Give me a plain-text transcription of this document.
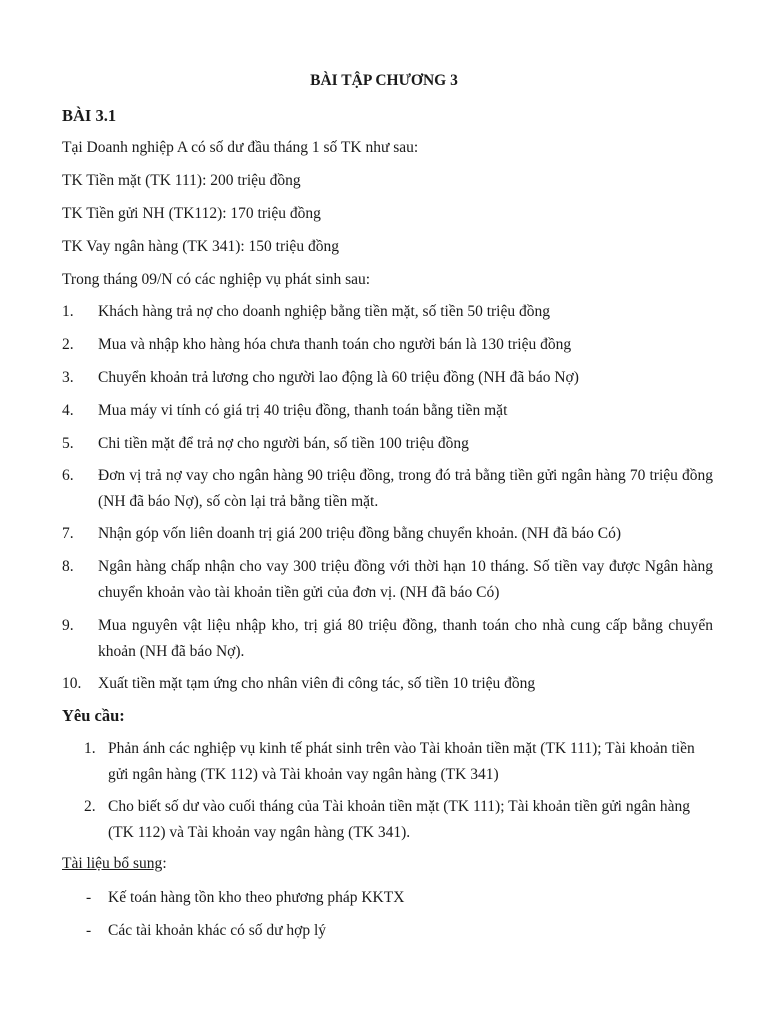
BÀI TẬP CHƯƠNG 3
BÀI 3.1
Tại Doanh nghiệp A có số dư đầu tháng 1 số TK như sau:
TK Tiền mặt (TK 111): 200 triệu đồng
TK Tiền gửi NH (TK112): 170 triệu đồng
TK Vay ngân hàng (TK 341): 150 triệu đồng
Trong tháng 09/N có các nghiệp vụ phát sinh sau:
1. Khách hàng trả nợ cho doanh nghiệp bằng tiền mặt, số tiền 50 triệu đồng
2. Mua và nhập kho hàng hóa chưa thanh toán cho người bán là 130 triệu đồng
3. Chuyển khoản trả lương cho người lao động là 60 triệu đồng (NH đã báo Nợ)
4. Mua máy vi tính có giá trị 40 triệu đồng, thanh toán bằng tiền mặt
5. Chi tiền mặt để trả nợ cho người bán, số tiền 100 triệu đồng
6. Đơn vị trả nợ vay cho ngân hàng 90 triệu đồng, trong đó trả bằng tiền gửi ngân hàng 70 triệu đồng (NH đã báo Nợ), số còn lại trả bằng tiền mặt.
7. Nhận góp vốn liên doanh trị giá 200 triệu đồng bằng chuyển khoản. (NH đã báo Có)
8. Ngân hàng chấp nhận cho vay 300 triệu đồng với thời hạn 10 tháng. Số tiền vay được Ngân hàng chuyển khoản vào tài khoản tiền gửi của đơn vị. (NH đã báo Có)
9. Mua nguyên vật liệu nhập kho, trị giá 80 triệu đồng, thanh toán cho nhà cung cấp bằng chuyển khoản (NH đã báo Nợ).
10. Xuất tiền mặt tạm ứng cho nhân viên đi công tác, số tiền 10 triệu đồng
Yêu cầu:
1. Phản ánh các nghiệp vụ kinh tế phát sinh trên vào Tài khoản tiền mặt (TK 111); Tài khoản tiền gửi ngân hàng (TK 112) và Tài khoản vay ngân hàng (TK 341)
2. Cho biết số dư vào cuối tháng của Tài khoản tiền mặt (TK 111); Tài khoản tiền gửi ngân hàng (TK 112) và Tài khoản vay ngân hàng (TK 341).
Tài liệu bổ sung:
- Kế toán hàng tồn kho theo phương pháp KKTX
- Các tài khoản khác có số dư hợp lý
